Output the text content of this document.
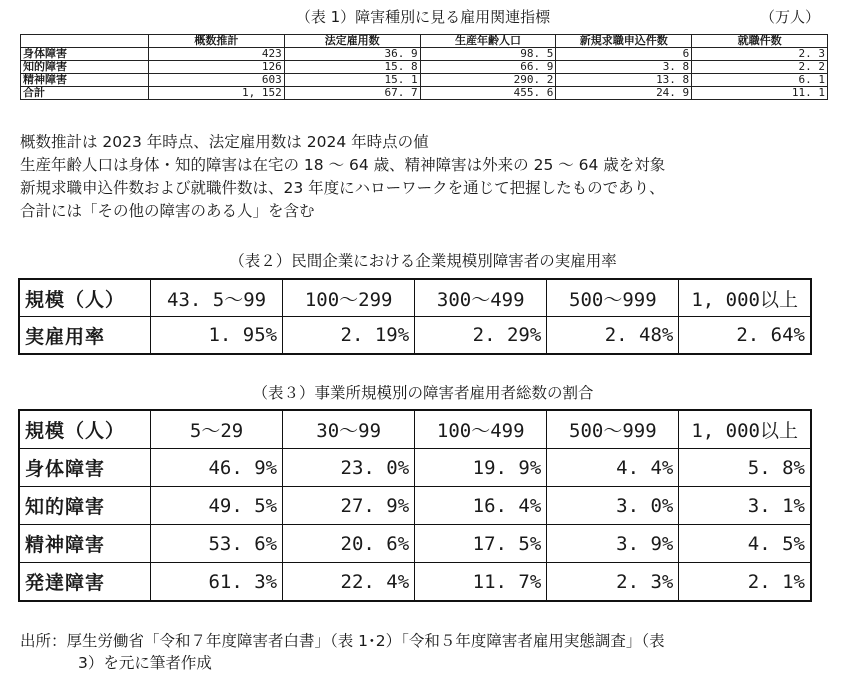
（表 1）障害種別に見る雇用関連指標	（万人）
	概数推計	法定雇用数	生産年齢人口	新規求職申込件数	就職件数
身体障害	423	36. 9	98. 5	6	2. 3
知的障害	126	15. 8	66. 9	3. 8	2. 2
精神障害	603	15. 1	290. 2	13. 8	6. 1
合計	1, 152	67. 7	455. 6	24. 9	11. 1
概数推計は 2023 年時点、法定雇用数は 2024 年時点の値
生産年齢人口は身体・知的障害は在宅の 18 ～ 64 歳、精神障害は外来の 25 ～ 64 歳を対象
新規求職申込件数および就職件数は、23 年度にハローワークを通じて把握したものであり、
合計には「その他の障害のある人」を含む
（表２）民間企業における企業規模別障害者の実雇用率
規模（人）	43. 5～99	100～299	300～499	500～999	1, 000以上
実雇用率	1. 95%	2. 19%	2. 29%	2. 48%	2. 64%
（表３）事業所規模別の障害者雇用者総数の割合
規模（人）	5～29	30～99	100～499	500～999	1, 000以上
身体障害	46. 9%	23. 0%	19. 9%	4. 4%	5. 8%
知的障害	49. 5%	27. 9%	16. 4%	3. 0%	3. 1%
精神障害	53. 6%	20. 6%	17. 5%	3. 9%	4. 5%
発達障害	61. 3%	22. 4%	11. 7%	2. 3%	2. 1%
出所：厚生労働省「令和７年度障害者白書」（表 1･2）「令和５年度障害者雇用実態調査」（表
3）を元に筆者作成
